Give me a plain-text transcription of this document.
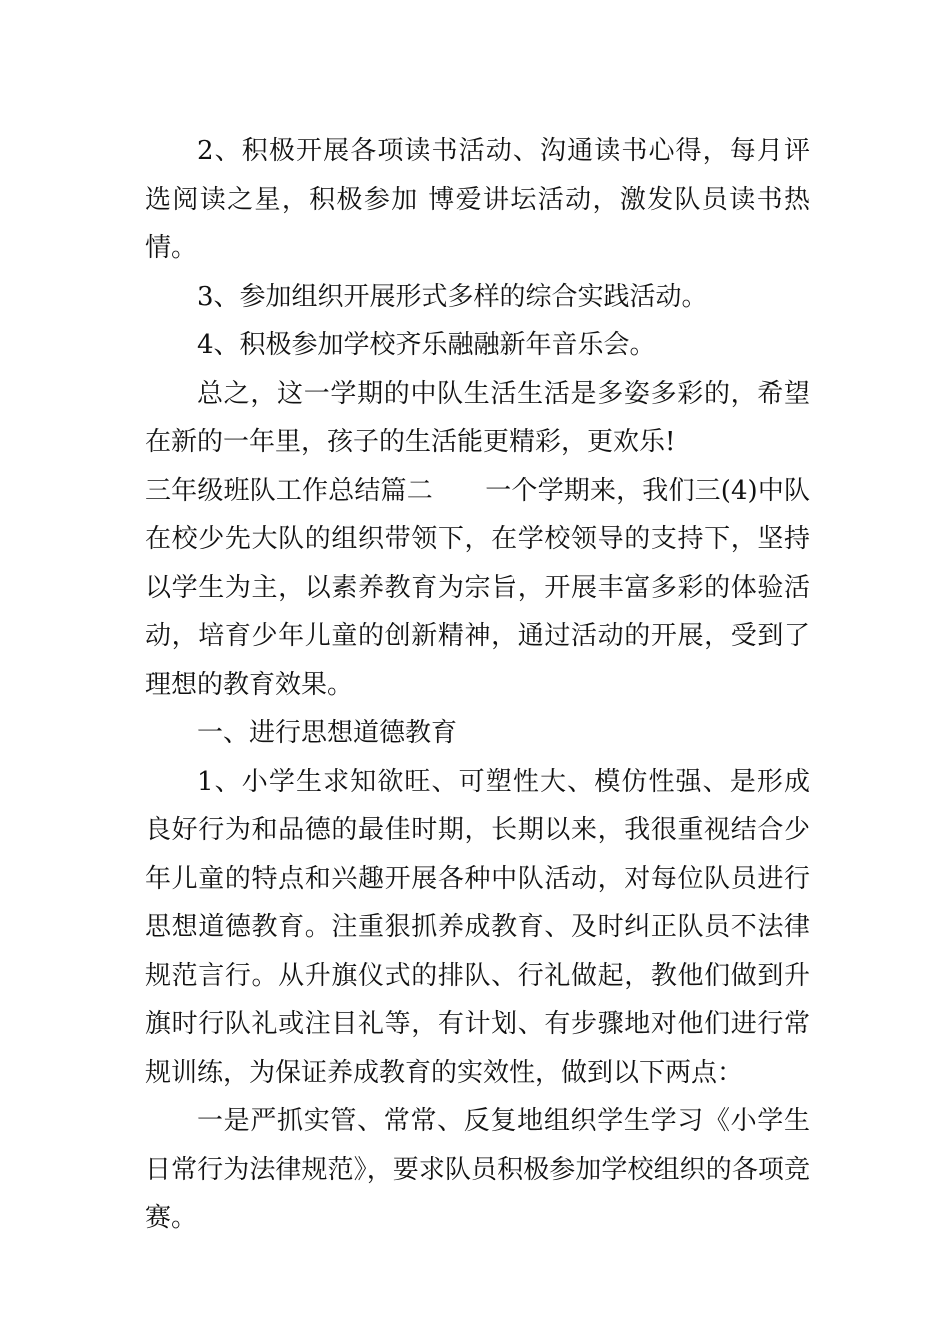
2、积极开展各项读书活动、沟通读书心得，每月评选阅读之星，积极参加 博爱讲坛活动，激发队员读书热情。

3、参加组织开展形式多样的综合实践活动。

4、积极参加学校齐乐融融新年音乐会。

总之，这一学期的中队生活生活是多姿多彩的，希望在新的一年里，孩子的生活能更精彩，更欢乐!

三年级班队工作总结篇二　　一个学期来，我们三(4)中队在校少先大队的组织带领下，在学校领导的支持下，坚持以学生为主，以素养教育为宗旨，开展丰富多彩的体验活动，培育少年儿童的创新精神，通过活动的开展，受到了理想的教育效果。

一、进行思想道德教育

1、小学生求知欲旺、可塑性大、模仿性强、是形成良好行为和品德的最佳时期，长期以来，我很重视结合少年儿童的特点和兴趣开展各种中队活动，对每位队员进行思想道德教育。注重狠抓养成教育、及时纠正队员不法律规范言行。从升旗仪式的排队、行礼做起，教他们做到升旗时行队礼或注目礼等，有计划、有步骤地对他们进行常规训练，为保证养成教育的实效性，做到以下两点：

一是严抓实管、常常、反复地组织学生学习《小学生日常行为法律规范》，要求队员积极参加学校组织的各项竞赛。
